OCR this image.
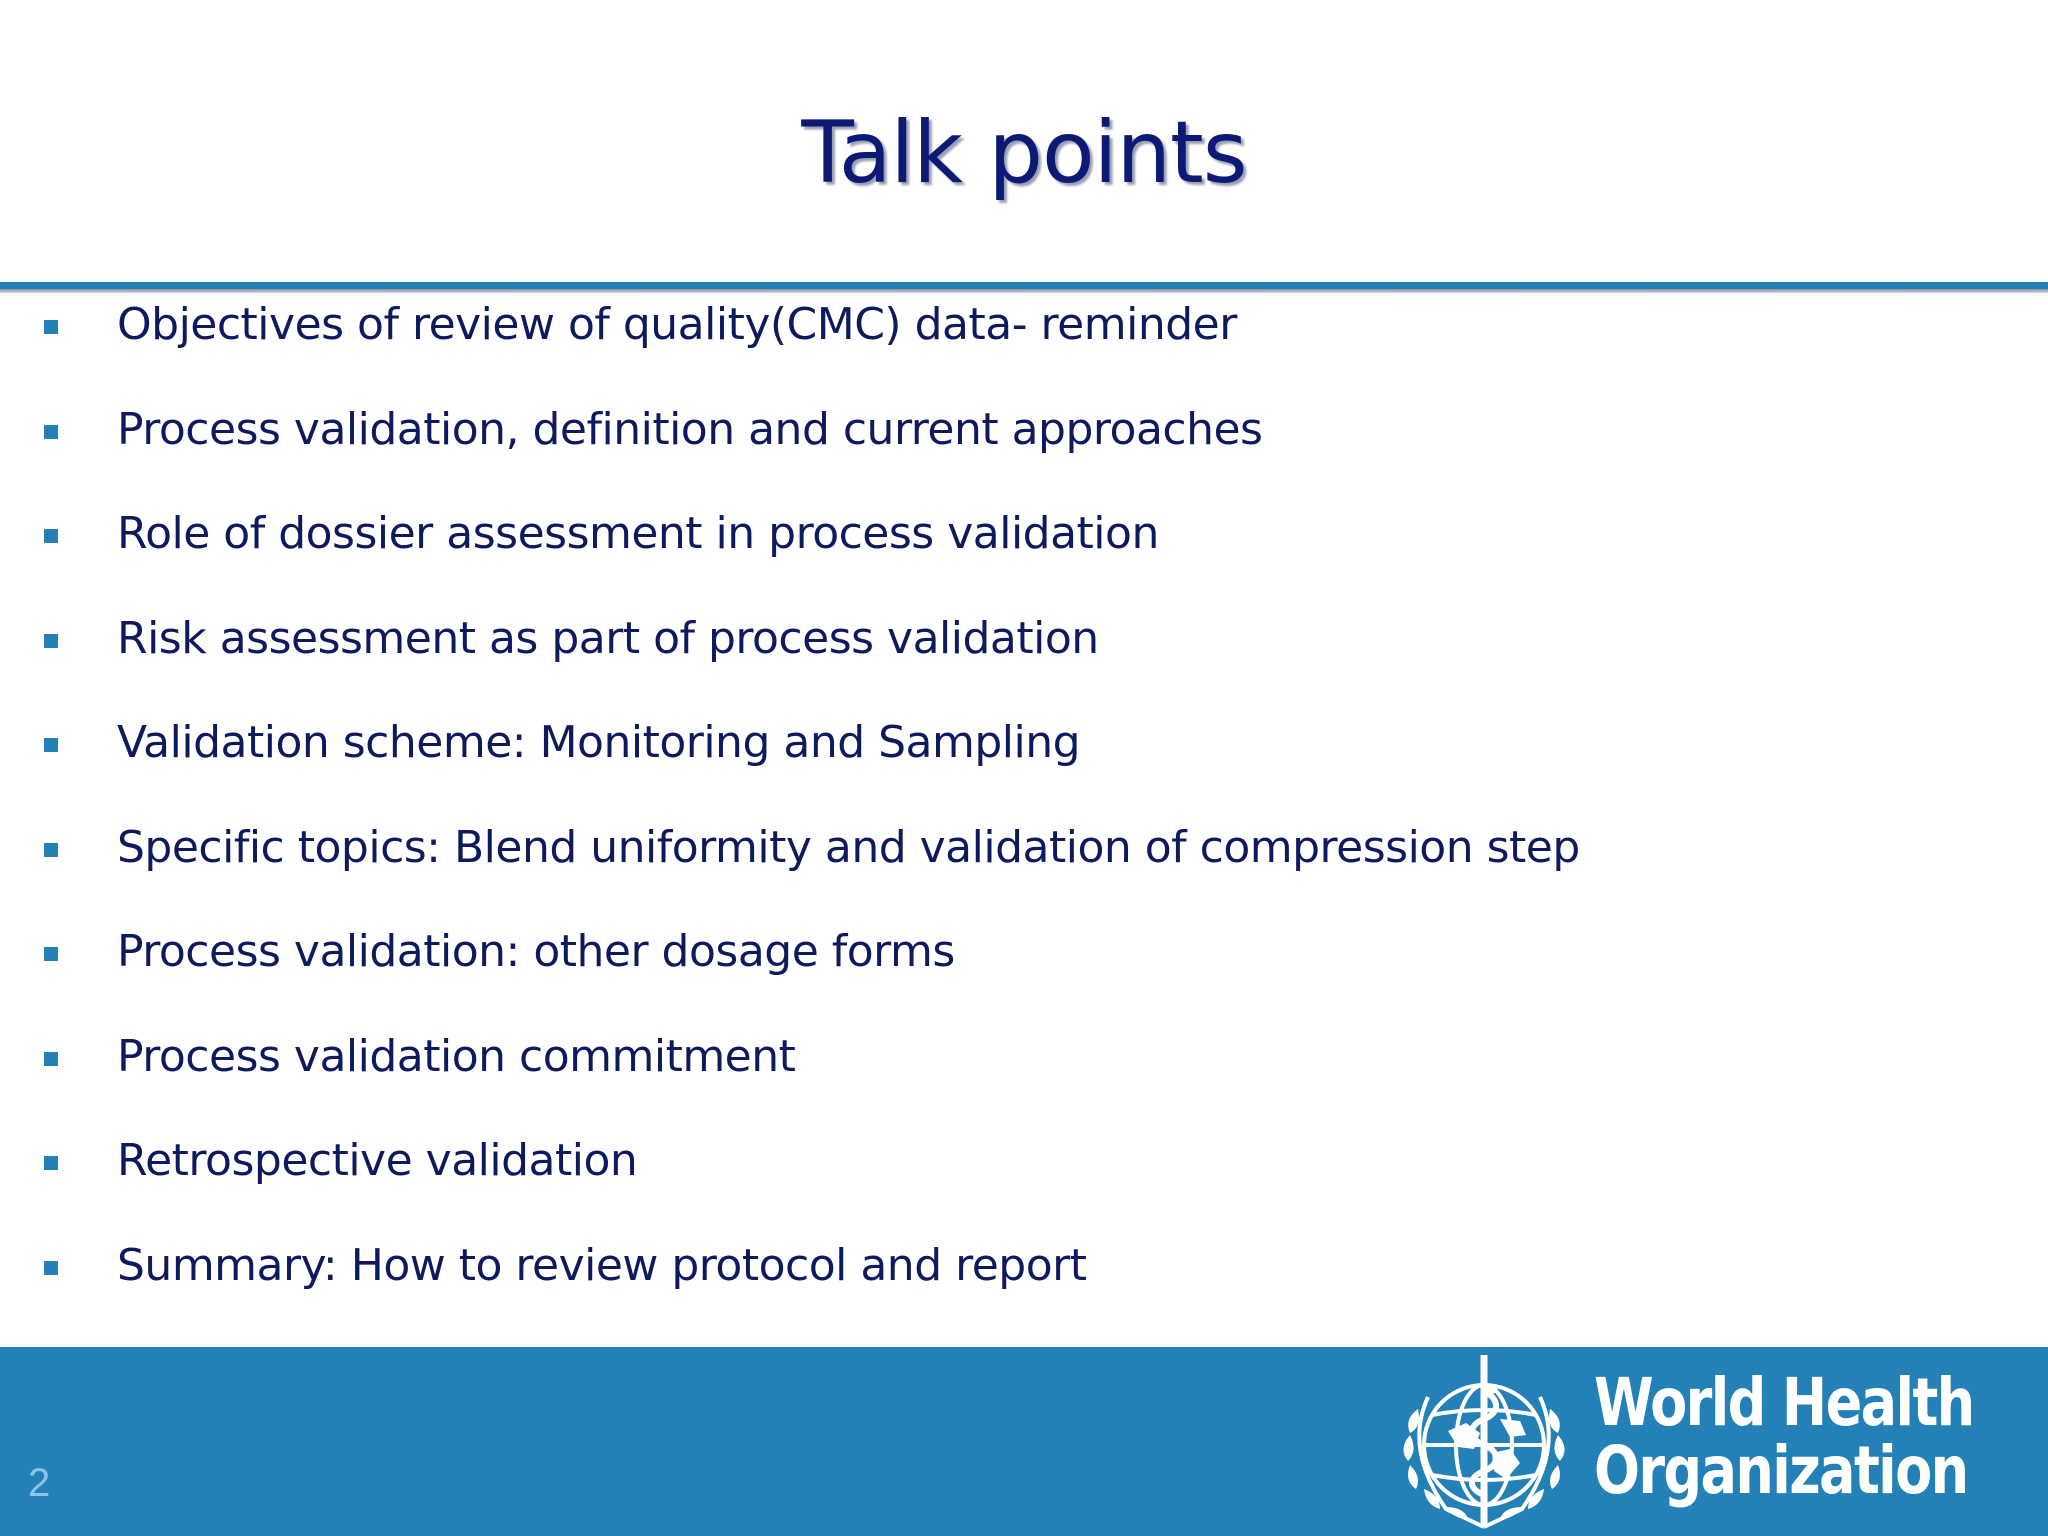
Talk points
Objectives of review of quality(CMC) data- reminder
Process validation, definition and current approaches
Role of dossier assessment in process validation
Risk assessment as part of process validation
Validation scheme: Monitoring and Sampling
Specific topics: Blend uniformity and validation of compression step
Process validation: other dosage forms
Process validation commitment
Retrospective validation
Summary: How to review protocol and report
2
World Health
Organization
